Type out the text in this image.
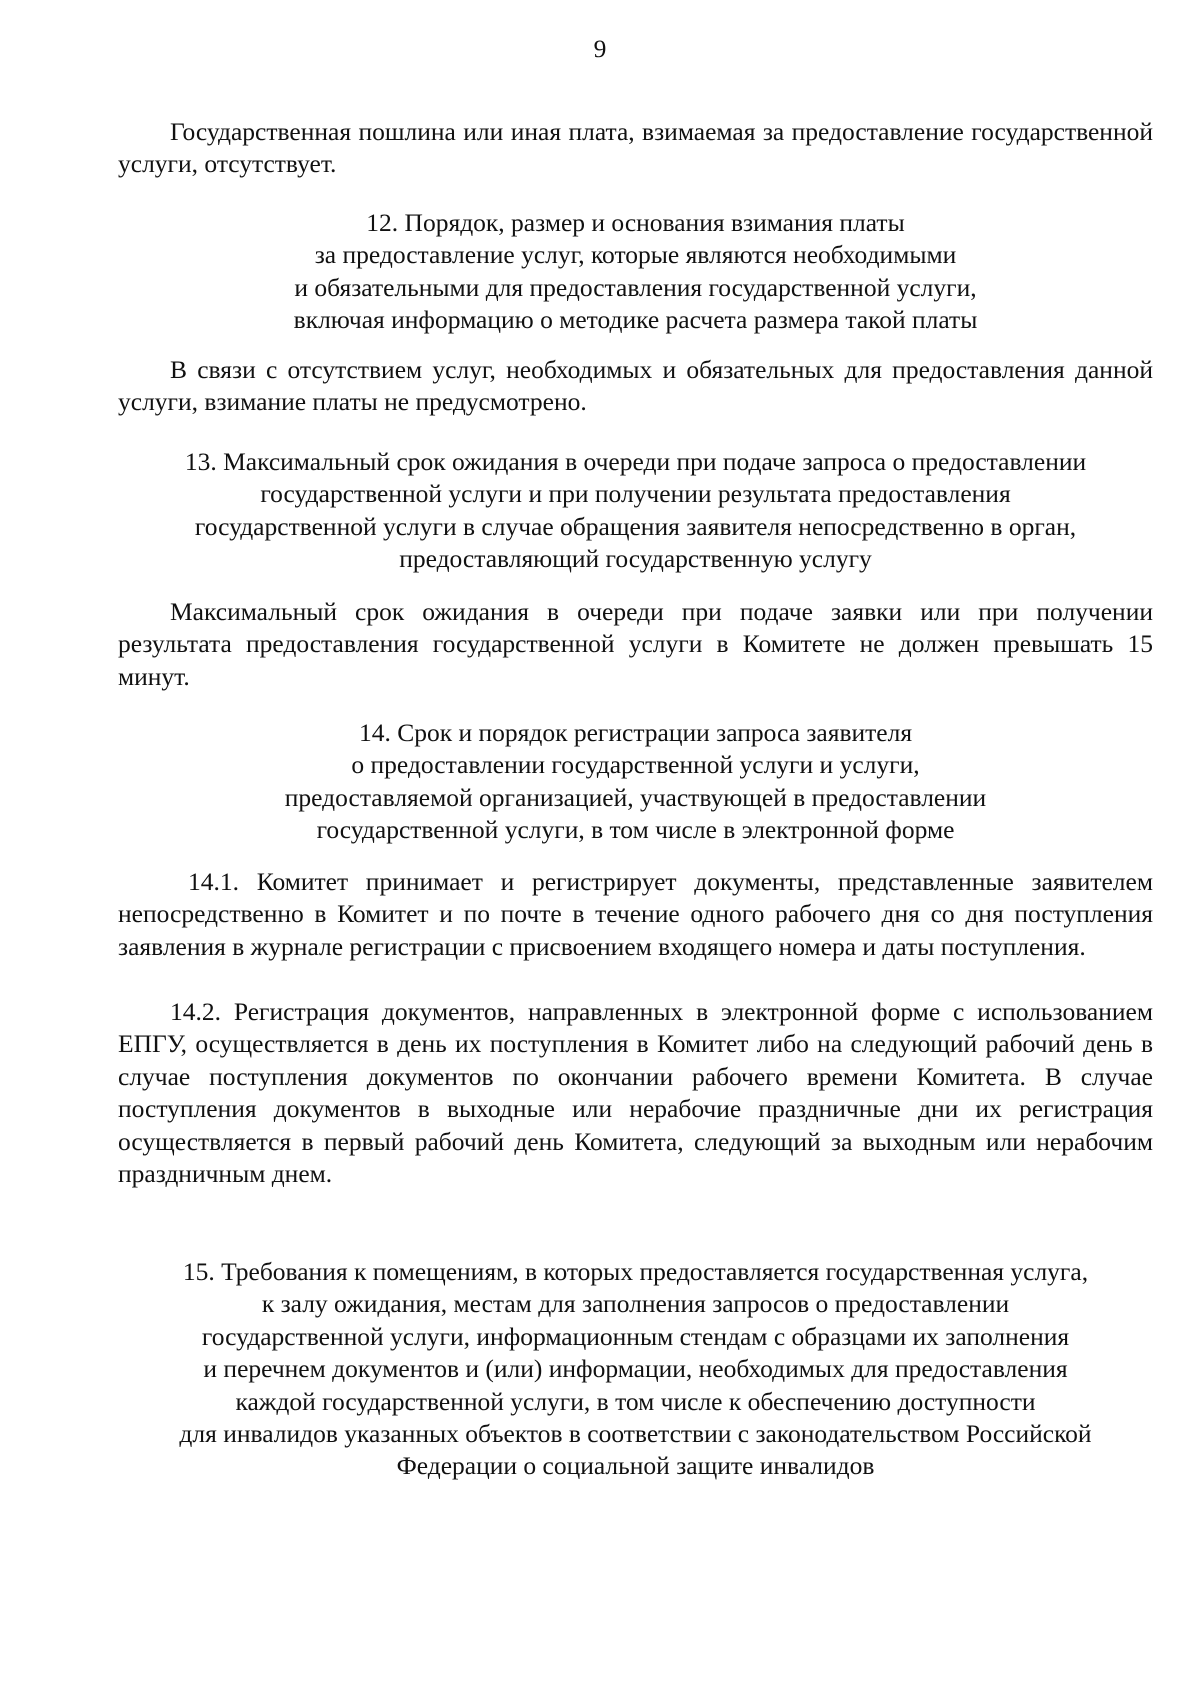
9

Государственная пошлина или иная плата, взимаемая за предоставление государственной услуги, отсутствует.

12. Порядок, размер и основания взимания платы
за предоставление услуг, которые являются необходимыми
и обязательными для предоставления государственной услуги,
включая информацию о методике расчета размера такой платы

В связи с отсутствием услуг, необходимых и обязательных для предоставления данной услуги, взимание платы не предусмотрено.

13. Максимальный срок ожидания в очереди при подаче запроса о предоставлении
государственной услуги и при получении результата предоставления
государственной услуги в случае обращения заявителя непосредственно в орган,
предоставляющий государственную услугу

Максимальный срок ожидания в очереди при подаче заявки или при получении результата предоставления государственной услуги в Комитете не должен превышать 15 минут.

14. Срок и порядок регистрации запроса заявителя
о предоставлении государственной услуги и услуги,
предоставляемой организацией, участвующей в предоставлении
государственной услуги, в том числе в электронной форме

14.1. Комитет принимает и регистрирует документы, представленные заявителем непосредственно в Комитет и по почте в течение одного рабочего дня со дня поступления заявления в журнале регистрации с присвоением входящего номера и даты поступления.

14.2. Регистрация документов, направленных в электронной форме с использованием ЕПГУ, осуществляется в день их поступления в Комитет либо на следующий рабочий день в случае поступления документов по окончании рабочего времени Комитета. В случае поступления документов в выходные или нерабочие праздничные дни их регистрация осуществляется в первый рабочий день Комитета, следующий за выходным или нерабочим праздничным днем.

15. Требования к помещениям, в которых предоставляется государственная услуга,
к залу ожидания, местам для заполнения запросов о предоставлении
государственной услуги, информационным стендам с образцами их заполнения
и перечнем документов и (или) информации, необходимых для предоставления
каждой государственной услуги, в том числе к обеспечению доступности
для инвалидов указанных объектов в соответствии с законодательством Российской
Федерации о социальной защите инвалидов
